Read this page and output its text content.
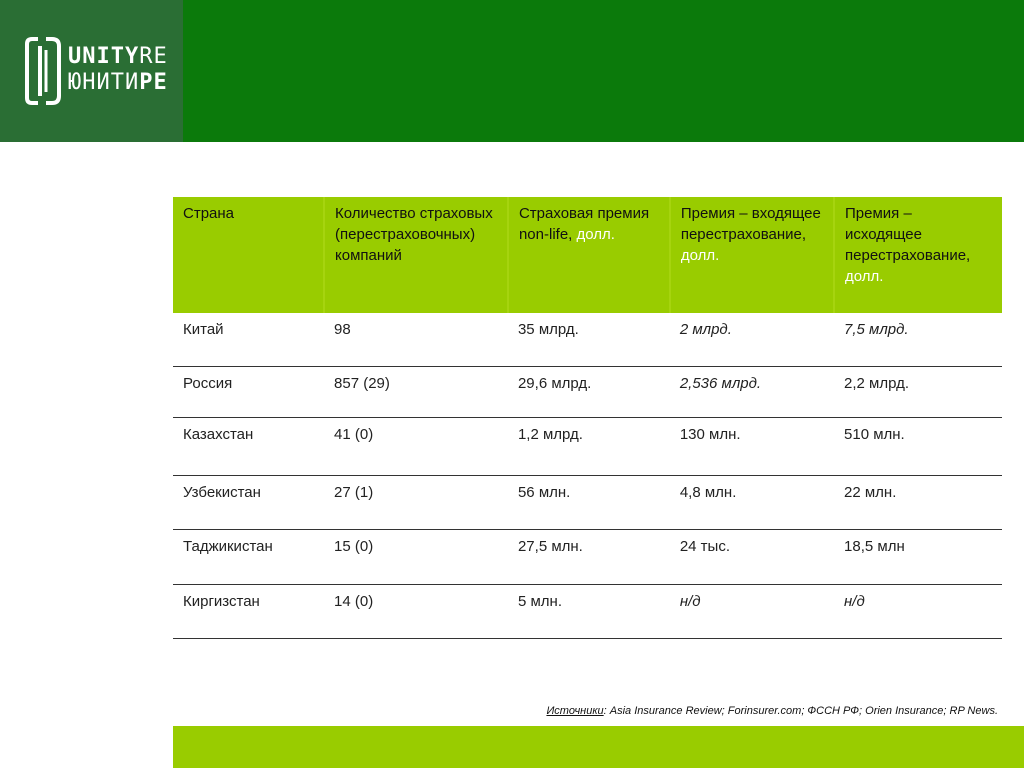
UNITYRE
ЮНИТИРЕ
Страна	Количество страховых (перестраховочных) компаний	Страховая премия non-life, долл.	Премия – входящее перестрахование, долл.	Премия – исходящее перестрахование, долл.
Китай	98	35 млрд.	2 млрд.	7,5 млрд.
Россия	857 (29)	29,6 млрд.	2,536 млрд.	2,2 млрд.
Казахстан	41 (0)	1,2 млрд.	130 млн.	510 млн.
Узбекистан	27 (1)	56 млн.	4,8 млн.	22 млн.
Таджикистан	15 (0)	27,5 млн.	24 тыс.	18,5 млн
Киргизстан	14 (0)	5 млн.	н/д	н/д
Источники: Asia Insurance Review; Forinsurer.com; ФССН РФ; Orien Insurance; RP News.
